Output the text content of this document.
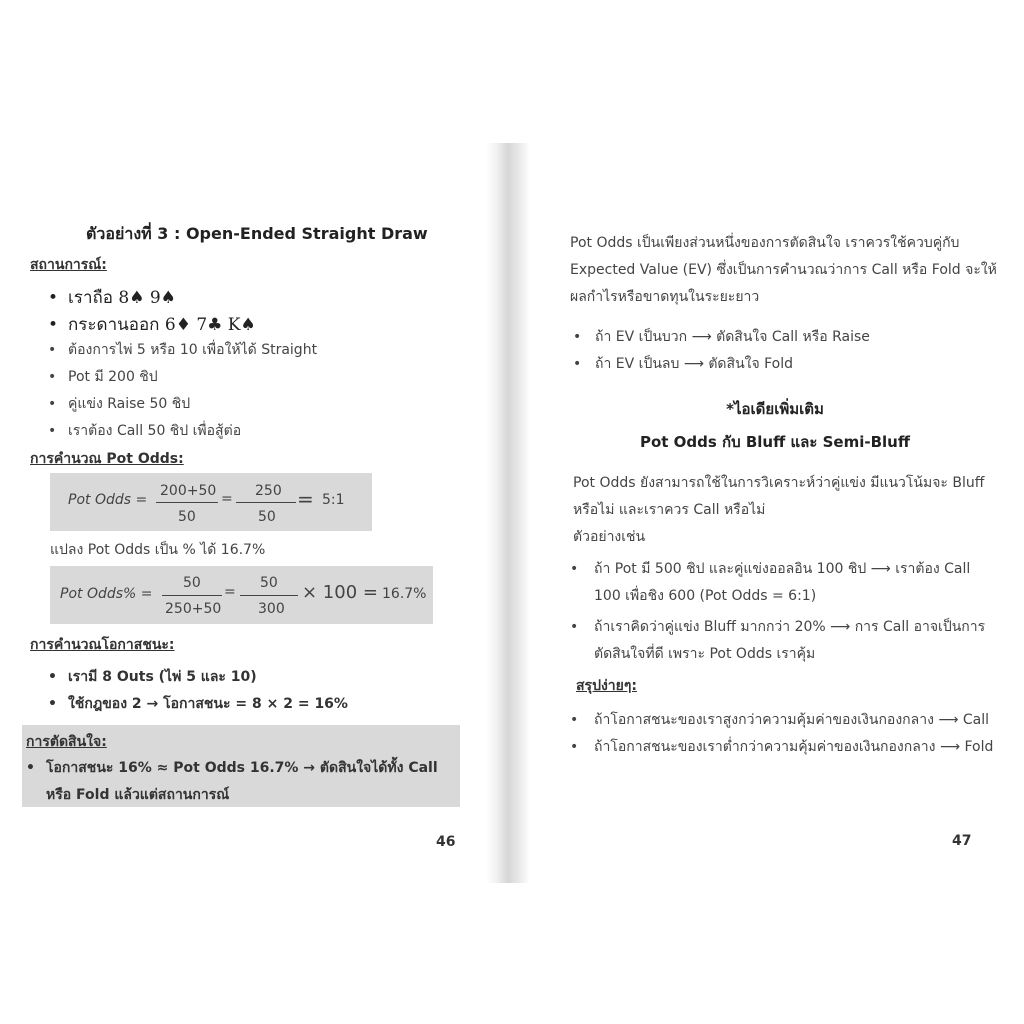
ตัวอย่างที่ 3 : Open-Ended Straight Draw
สถานการณ์:
• เราถือ 8♠ 9♠
• กระดานออก 6♦ 7♣ K♠
• ต้องการไพ่ 5 หรือ 10 เพื่อให้ได้ Straight
• Pot มี 200 ชิป
• คู่แข่ง Raise 50 ชิป
• เราต้อง Call 50 ชิป เพื่อสู้ต่อ
การคำนวณ Pot Odds:
Pot Odds =
200+50
50
= 250
50
= 5:1
แปลง Pot Odds เป็น % ได้ 16.7%
Pot Odds% =
50
250+50
=
50
300
× 100 = 16.7%
การคำนวณโอกาสชนะ:
• เรามี 8 Outs (ไพ่ 5 และ 10)
• ใช้กฎของ 2 → โอกาสชนะ = 8 × 2 = 16%
การตัดสินใจ:
• โอกาสชนะ 16% ≈ Pot Odds 16.7% → ตัดสินใจได้ทั้ง Call
หรือ Fold แล้วแต่สถานการณ์
46
Pot Odds เป็นเพียงส่วนหนึ่งของการตัดสินใจ เราควรใช้ควบคู่กับ
Expected Value (EV) ซึ่งเป็นการคำนวณว่าการ Call หรือ Fold จะให้
ผลกำไรหรือขาดทุนในระยะยาว
• ถ้า EV เป็นบวก ⟶ ตัดสินใจ Call หรือ Raise
• ถ้า EV เป็นลบ ⟶ ตัดสินใจ Fold
*ไอเดียเพิ่มเติม
Pot Odds กับ Bluff และ Semi-Bluff
Pot Odds ยังสามารถใช้ในการวิเคราะห์ว่าคู่แข่ง มีแนวโน้มจะ Bluff
หรือไม่ และเราควร Call หรือไม่
ตัวอย่างเช่น
• ถ้า Pot มี 500 ชิป และคู่แข่งออลอิน 100 ชิป ⟶ เราต้อง Call
100 เพื่อชิง 600 (Pot Odds = 6:1)
• ถ้าเราคิดว่าคู่แข่ง Bluff มากกว่า 20% ⟶ การ Call อาจเป็นการ
ตัดสินใจที่ดี เพราะ Pot Odds เราคุ้ม
สรุปง่ายๆ:
• ถ้าโอกาสชนะของเราสูงกว่าความคุ้มค่าของเงินกองกลาง ⟶ Call
• ถ้าโอกาสชนะของเราต่ำกว่าความคุ้มค่าของเงินกองกลาง ⟶ Fold
47
